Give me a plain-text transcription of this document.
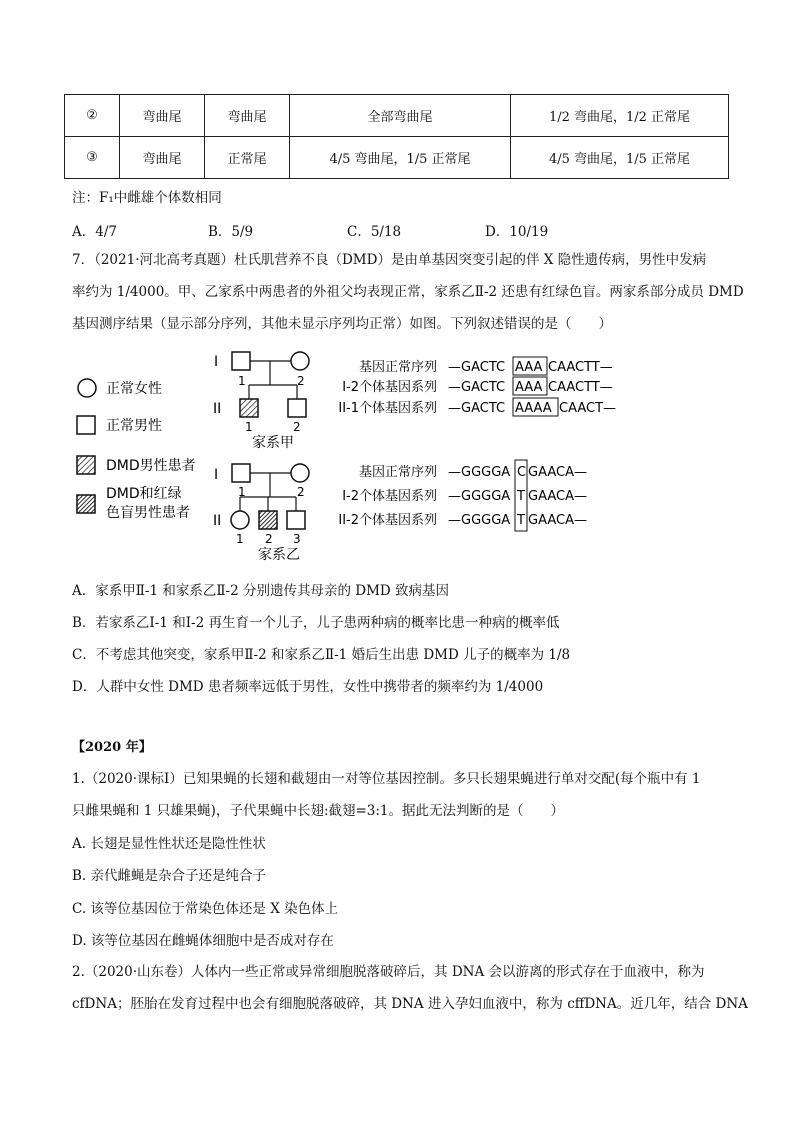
②	弯曲尾	弯曲尾	全部弯曲尾	1/2 弯曲尾，1/2 正常尾
③	弯曲尾	正常尾	4/5 弯曲尾，1/5 正常尾	4/5 弯曲尾，1/5 正常尾
注：F₁中雌雄个体数相同
A．4/7	B．5/9	C．5/18	D．10/19
7．（2021·河北高考真题）杜氏肌营养不良（DMD）是由单基因突变引起的伴 X 隐性遗传病，男性中发病
率约为 1/4000。甲、乙家系中两患者的外祖父均表现正常，家系乙Ⅱ-2 还患有红绿色盲。两家系部分成员 DMD
基因测序结果（显示部分序列，其他未显示序列均正常）如图。下列叙述错误的是（　　）
正常女性
正常男性
DMD男性患者
DMD和红绿
色盲男性患者
I
1	2
II
1	2
家系甲
I
1	2
II
1 2 3
家系乙
基因正常序列 —GACTC AAA CAACTT—
I-2个体基因系列 —GACTC AAA CAACTT—
II-1个体基因系列 —GACTC AAAA CAACT—
基因正常序列 —GGGGA C GAACA—
I-2个体基因系列 —GGGGA T GAACA—
II-2个体基因系列 —GGGGA T GAACA—
A．家系甲Ⅱ-1 和家系乙Ⅱ-2 分别遗传其母亲的 DMD 致病基因
B．若家系乙Ⅰ-1 和Ⅰ-2 再生育一个儿子，儿子患两种病的概率比患一种病的概率低
C．不考虑其他突变，家系甲Ⅱ-2 和家系乙Ⅱ-1 婚后生出患 DMD 儿子的概率为 1/8
D．人群中女性 DMD 患者频率远低于男性，女性中携带者的频率约为 1/4000
【2020 年】
1.（2020·课标Ⅰ）已知果蝇的长翅和截翅由一对等位基因控制。多只长翅果蝇进行单对交配(每个瓶中有 1
只雌果蝇和 1 只雄果蝇)，子代果蝇中长翅:截翅=3:1。据此无法判断的是（　　）
A. 长翅是显性性状还是隐性性状
B. 亲代雌蝇是杂合子还是纯合子
C. 该等位基因位于常染色体还是 X 染色体上
D. 该等位基因在雌蝇体细胞中是否成对存在
2.（2020·山东卷）人体内一些正常或异常细胞脱落破碎后，其 DNA 会以游离的形式存在于血液中，称为
cfDNA；胚胎在发育过程中也会有细胞脱落破碎，其 DNA 进入孕妇血液中，称为 cffDNA。近几年，结合 DNA
